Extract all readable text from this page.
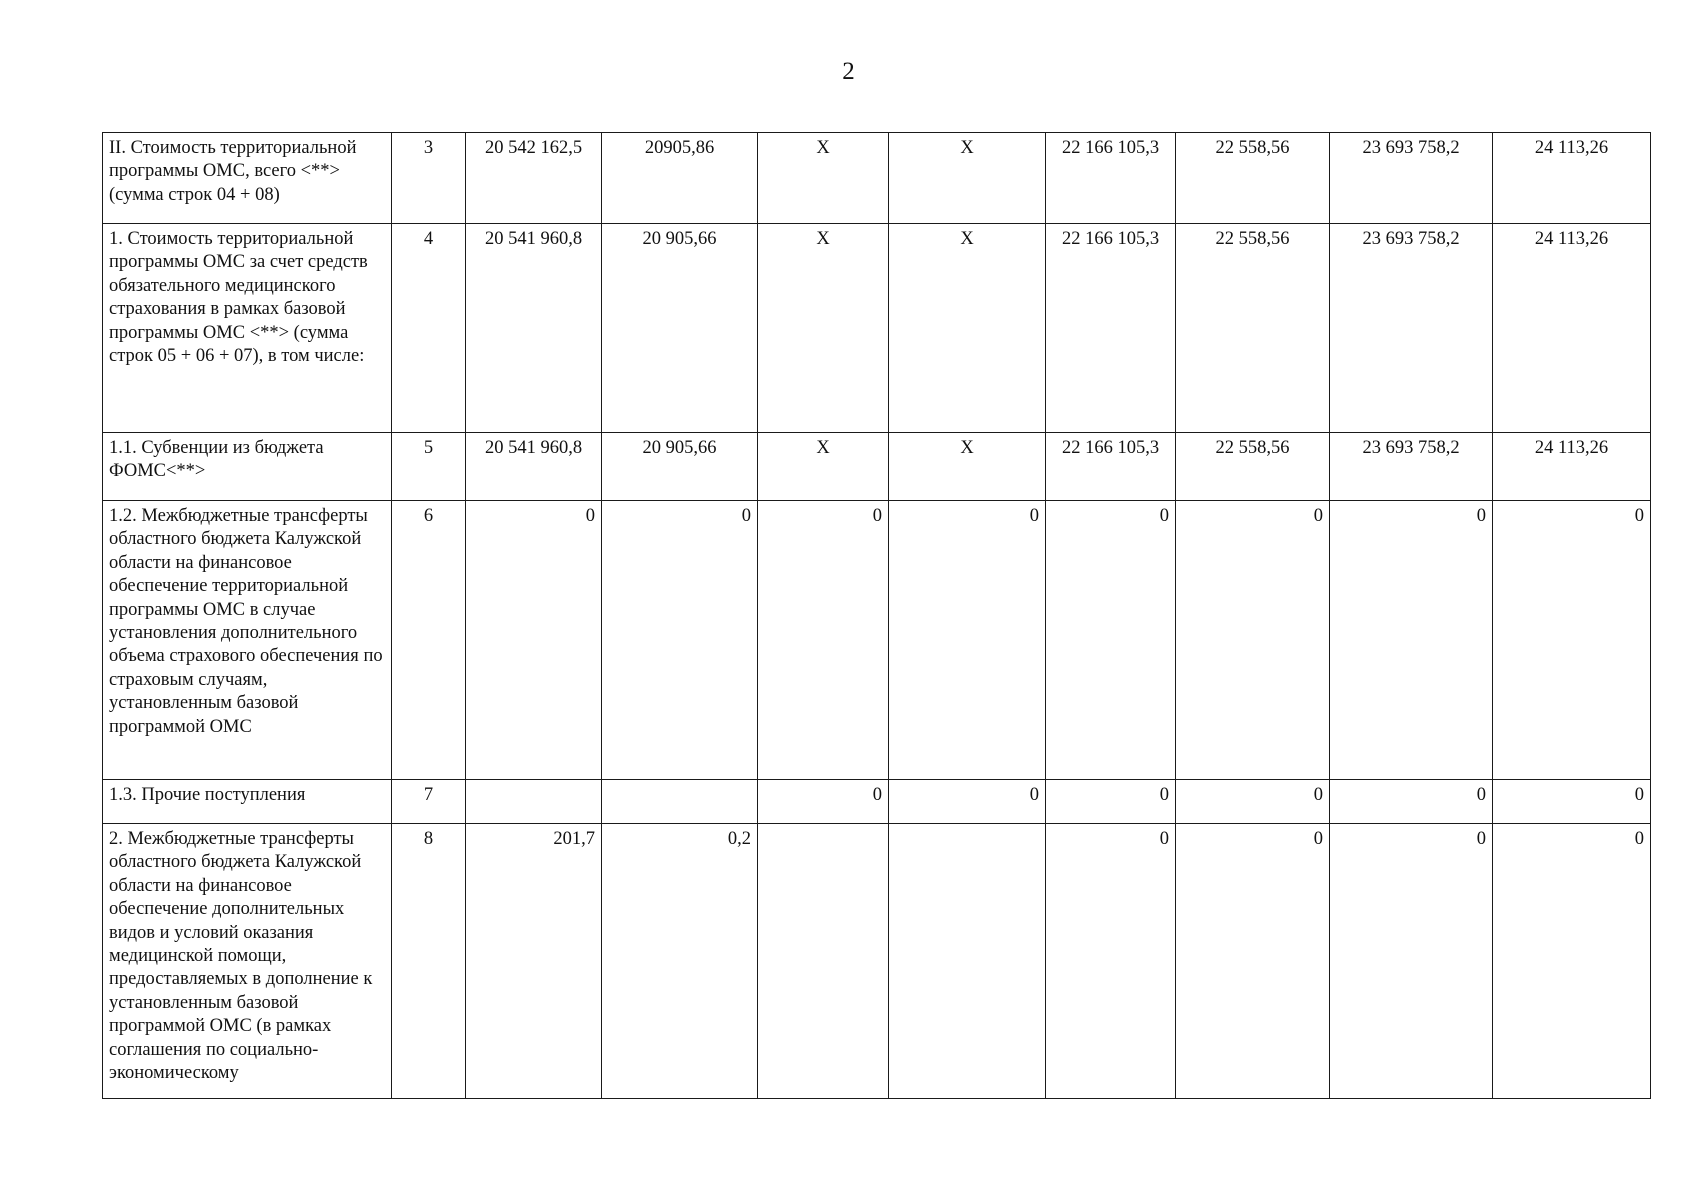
2
II. Стоимость территориальной программы ОМС, всего <**> (сумма строк 04 + 08)	3	20 542 162,5	20905,86	X	X	22 166 105,3	22 558,56	23 693 758,2	24 113,26
1. Стоимость территориальной программы ОМС за счет средств обязательного медицинского страхования в рамках базовой программы ОМС <**> (сумма строк 05 + 06 + 07), в том числе:	4	20 541 960,8	20 905,66	X	X	22 166 105,3	22 558,56	23 693 758,2	24 113,26
1.1. Субвенции из бюджета ФОМС<**>	5	20 541 960,8	20 905,66	X	X	22 166 105,3	22 558,56	23 693 758,2	24 113,26
1.2. Межбюджетные трансферты областного бюджета Калужской области на финансовое обеспечение территориальной программы ОМС в случае установления дополнительного объема страхового обеспечения по страховым случаям, установленным базовой программой ОМС	6	0	0	0	0	0	0	0	0
1.3. Прочие поступления	7			0	0	0	0	0	0
2. Межбюджетные трансферты областного бюджета Калужской области на финансовое обеспечение дополнительных видов и условий оказания медицинской помощи, предоставляемых в дополнение к установленным базовой программой ОМС (в рамках соглашения по социально-экономическому	8	201,7	0,2			0	0	0	0
